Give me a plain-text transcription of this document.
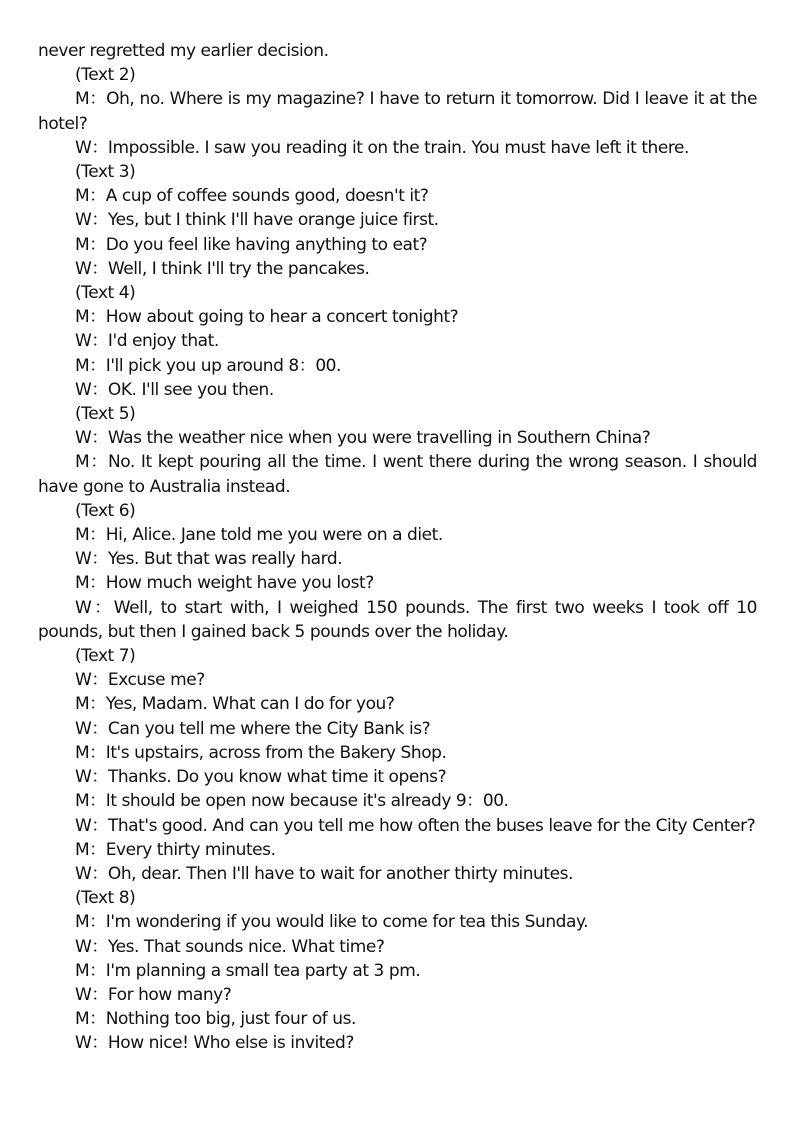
never regretted my earlier decision.

(Text 2)

M：Oh, no. Where is my magazine? I have to return it tomorrow. Did I leave it at the hotel?

W：Impossible. I saw you reading it on the train. You must have left it there.

(Text 3)

M：A cup of coffee sounds good, doesn't it?

W：Yes, but I think I'll have orange juice first.

M：Do you feel like having anything to eat?

W：Well, I think I'll try the pancakes.

(Text 4)

M：How about going to hear a concert tonight?

W：I'd enjoy that.

M：I'll pick you up around 8：00.

W：OK. I'll see you then.

(Text 5)

W：Was the weather nice when you were travelling in Southern China?

M：No. It kept pouring all the time. I went there during the wrong season. I should have gone to Australia instead.

(Text 6)

M：Hi, Alice. Jane told me you were on a diet.

W：Yes. But that was really hard.

M：How much weight have you lost?

W：Well, to start with, I weighed 150 pounds. The first two weeks I took off 10 pounds, but then I gained back 5 pounds over the holiday.

(Text 7)

W：Excuse me?

M：Yes, Madam. What can I do for you?

W：Can you tell me where the City Bank is?

M：It's upstairs, across from the Bakery Shop.

W：Thanks. Do you know what time it opens?

M：It should be open now because it's already 9：00.

W：That's good. And can you tell me how often the buses leave for the City Center?

M：Every thirty minutes.

W：Oh, dear. Then I'll have to wait for another thirty minutes.

(Text 8)

M：I'm wondering if you would like to come for tea this Sunday.

W：Yes. That sounds nice. What time?

M：I'm planning a small tea party at 3 pm.

W：For how many?

M：Nothing too big, just four of us.

W：How nice! Who else is invited?
